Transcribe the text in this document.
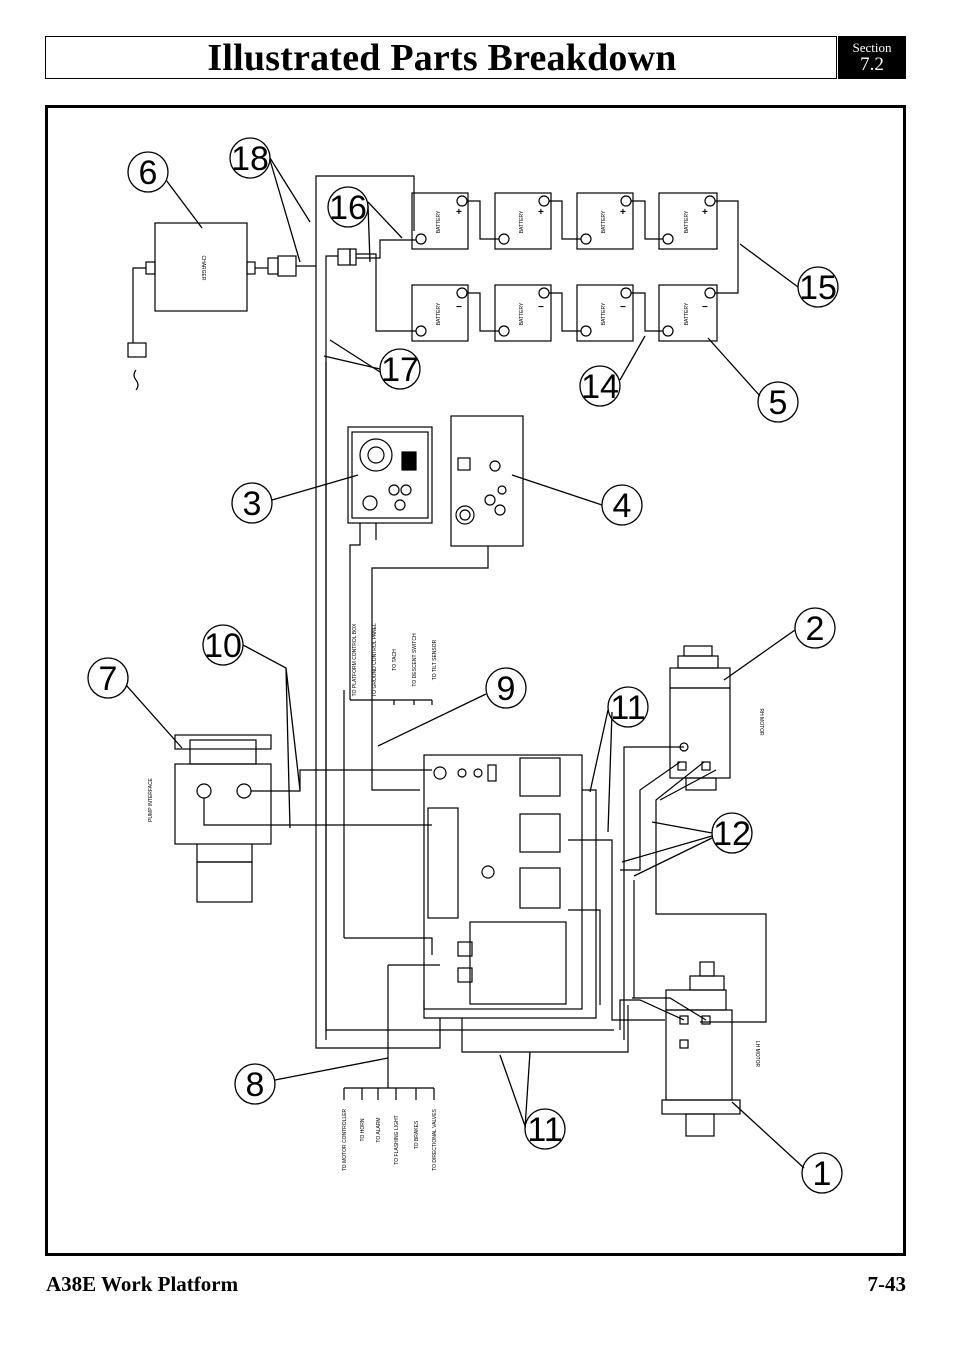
Illustrated Parts Breakdown	Section
7.2
6 18
16
15
17	14	5
3	4
2
10
7	9	11
12
8
11
1
CHARGER
BATTERY	BATTERY	BATTERY	BATTERY
BATTERY	BATTERY	BATTERY	BATTERY
PUMP INTERFACE
RH MOTOR
LH MOTOR
TO PLATFORM CONTROL BOX	TO GROUND CONTROL PANEL	TO TACH	TO DESCENT SWITCH	TO TILT SENSOR
TO MOTOR CONTROLLER TO HORN TO ALARM TO FLASHING LIGHT	TO BRAKES TO DIRECTIONAL VALVES
+	+	+	+
−	−	−	−
A38E Work Platform	7-43
